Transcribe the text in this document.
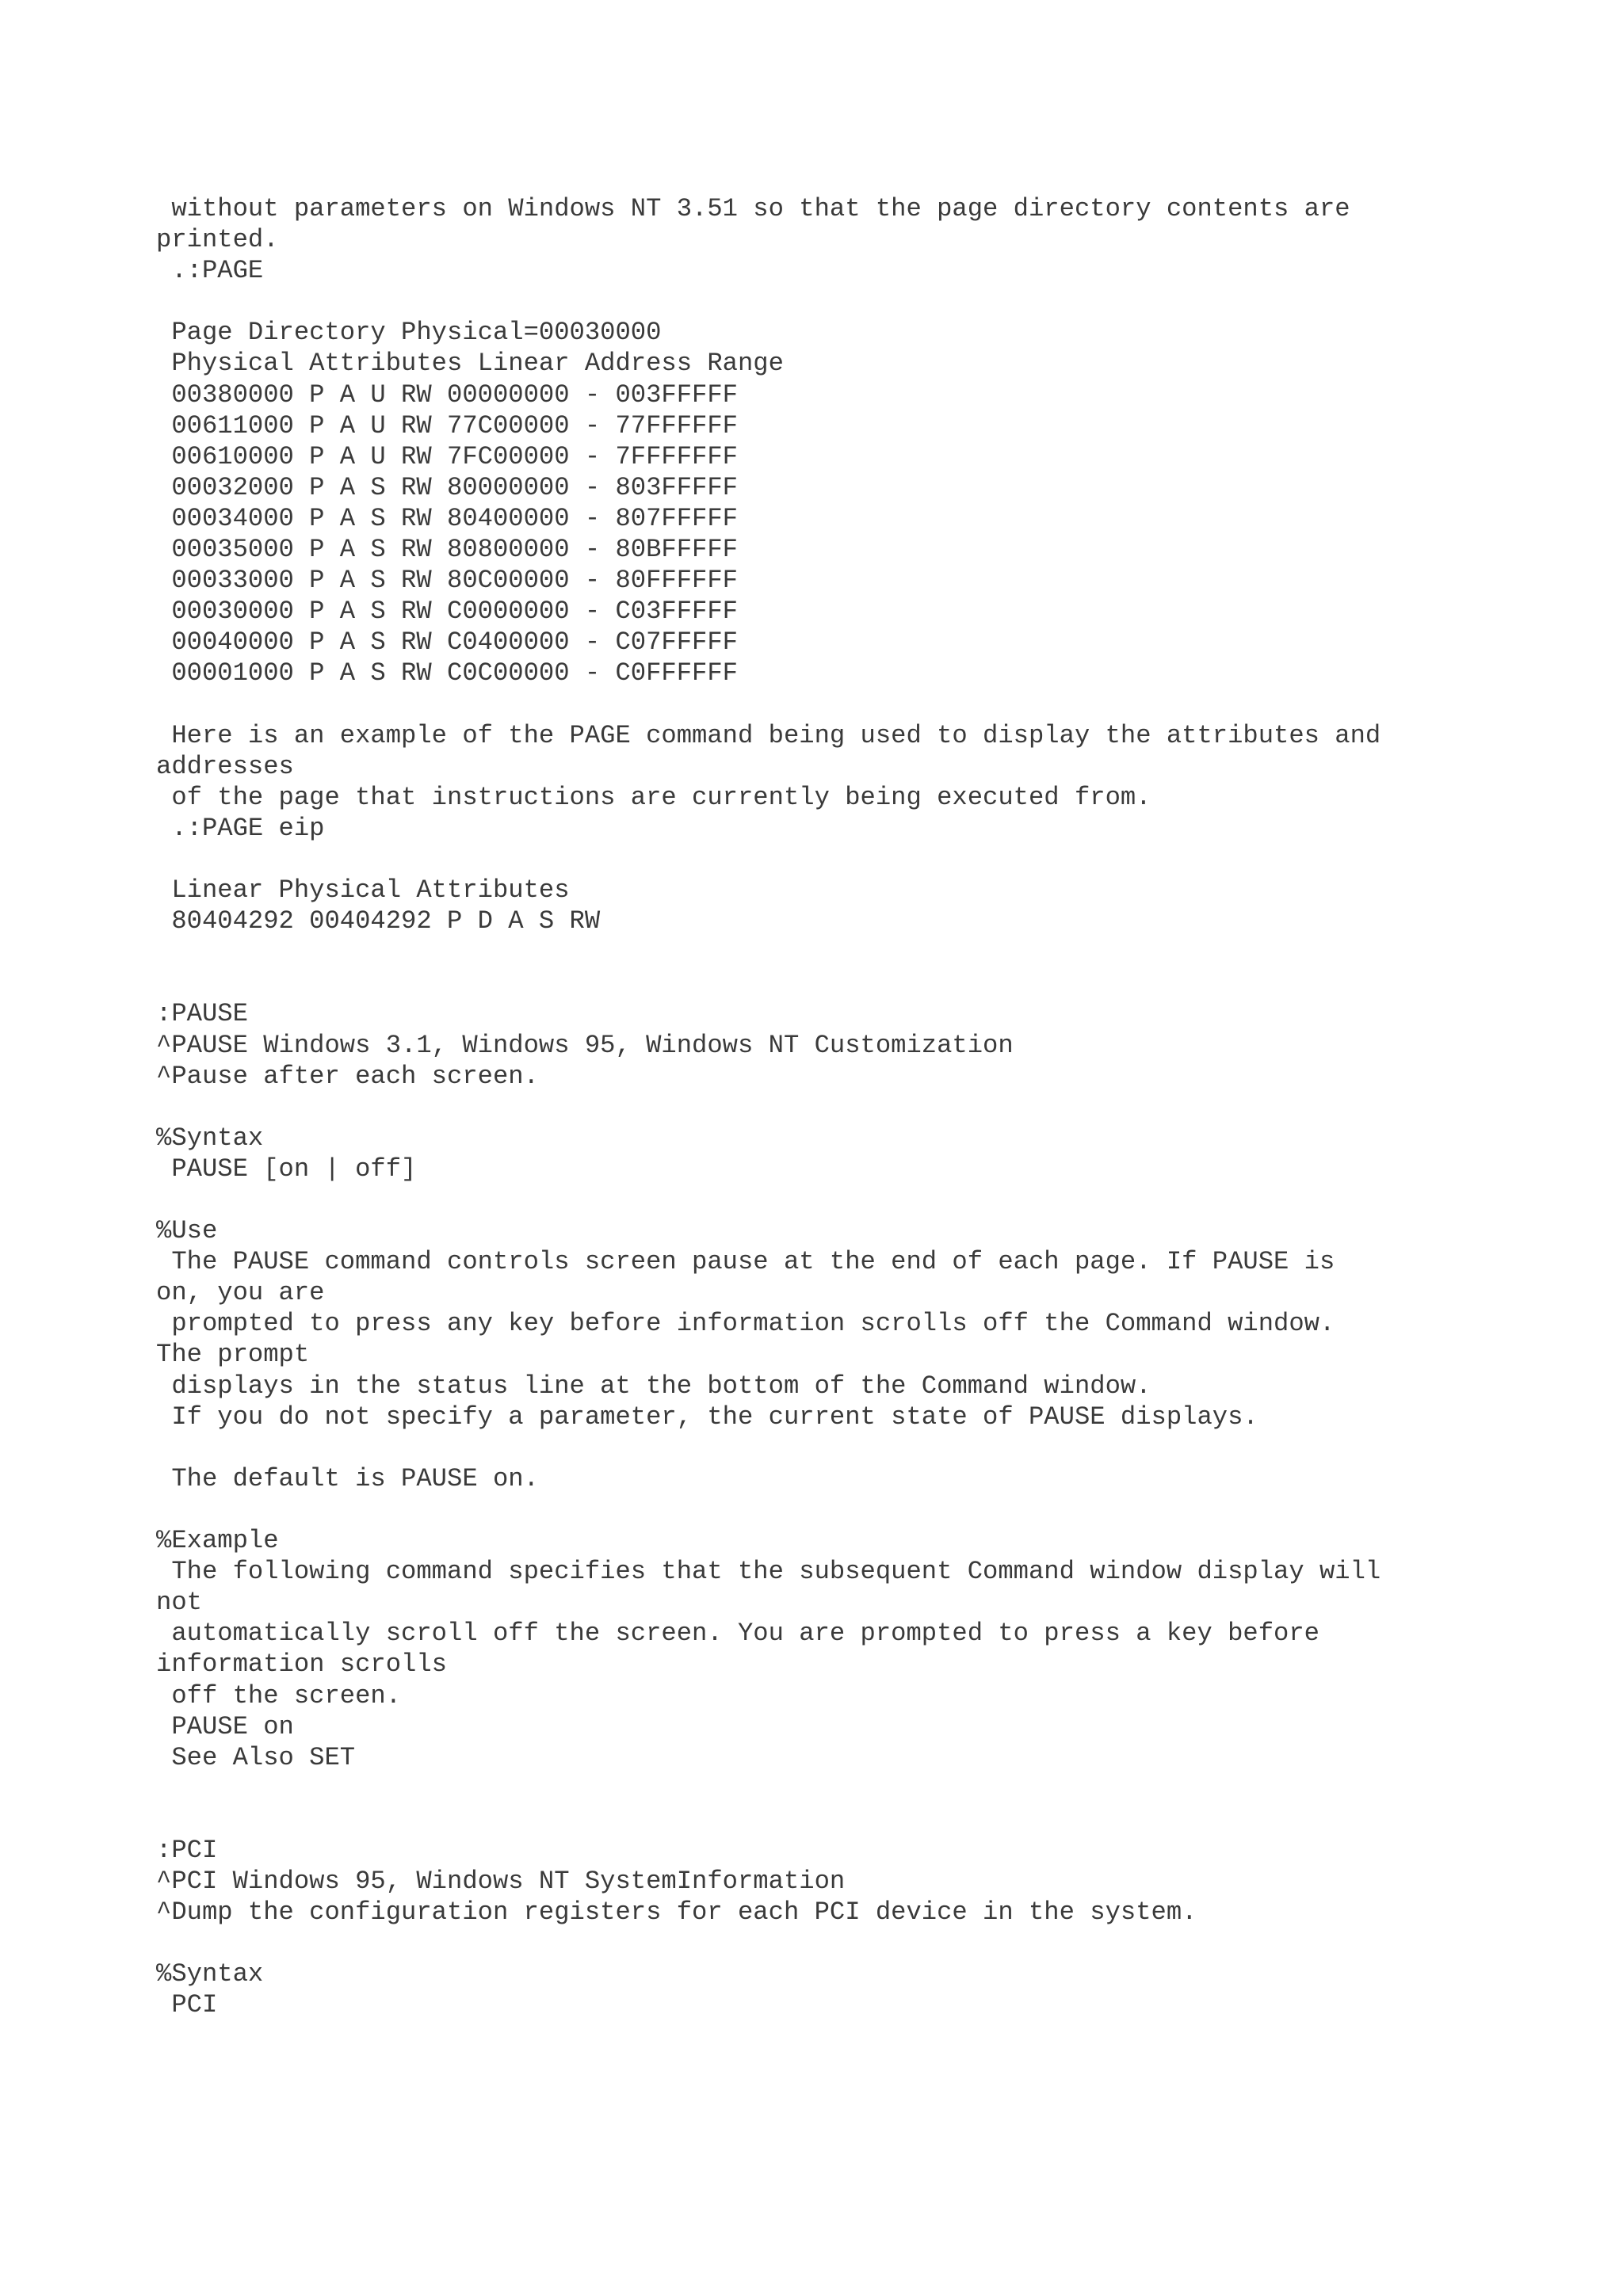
without parameters on Windows NT 3.51 so that the page directory contents are
printed.
.:PAGE
Page Directory Physical=00030000
Physical Attributes Linear Address Range
00380000 P A U RW 00000000 - 003FFFFF
00611000 P A U RW 77C00000 - 77FFFFFF
00610000 P A U RW 7FC00000 - 7FFFFFFF
00032000 P A S RW 80000000 - 803FFFFF
00034000 P A S RW 80400000 - 807FFFFF
00035000 P A S RW 80800000 - 80BFFFFF
00033000 P A S RW 80C00000 - 80FFFFFF
00030000 P A S RW C0000000 - C03FFFFF
00040000 P A S RW C0400000 - C07FFFFF
00001000 P A S RW C0C00000 - C0FFFFFF
Here is an example of the PAGE command being used to display the attributes and
addresses
of the page that instructions are currently being executed from.
.:PAGE eip
Linear Physical Attributes
80404292 00404292 P D A S RW
:PAUSE
^PAUSE Windows 3.1, Windows 95, Windows NT Customization
^Pause after each screen.
%Syntax
PAUSE [on | off]
%Use
The PAUSE command controls screen pause at the end of each page. If PAUSE is
on, you are
prompted to press any key before information scrolls off the Command window.
The prompt
displays in the status line at the bottom of the Command window.
If you do not specify a parameter, the current state of PAUSE displays.
The default is PAUSE on.
%Example
The following command specifies that the subsequent Command window display will
not
automatically scroll off the screen. You are prompted to press a key before
information scrolls
off the screen.
PAUSE on
See Also SET
:PCI
^PCI Windows 95, Windows NT SystemInformation
^Dump the configuration registers for each PCI device in the system.
%Syntax
PCI
